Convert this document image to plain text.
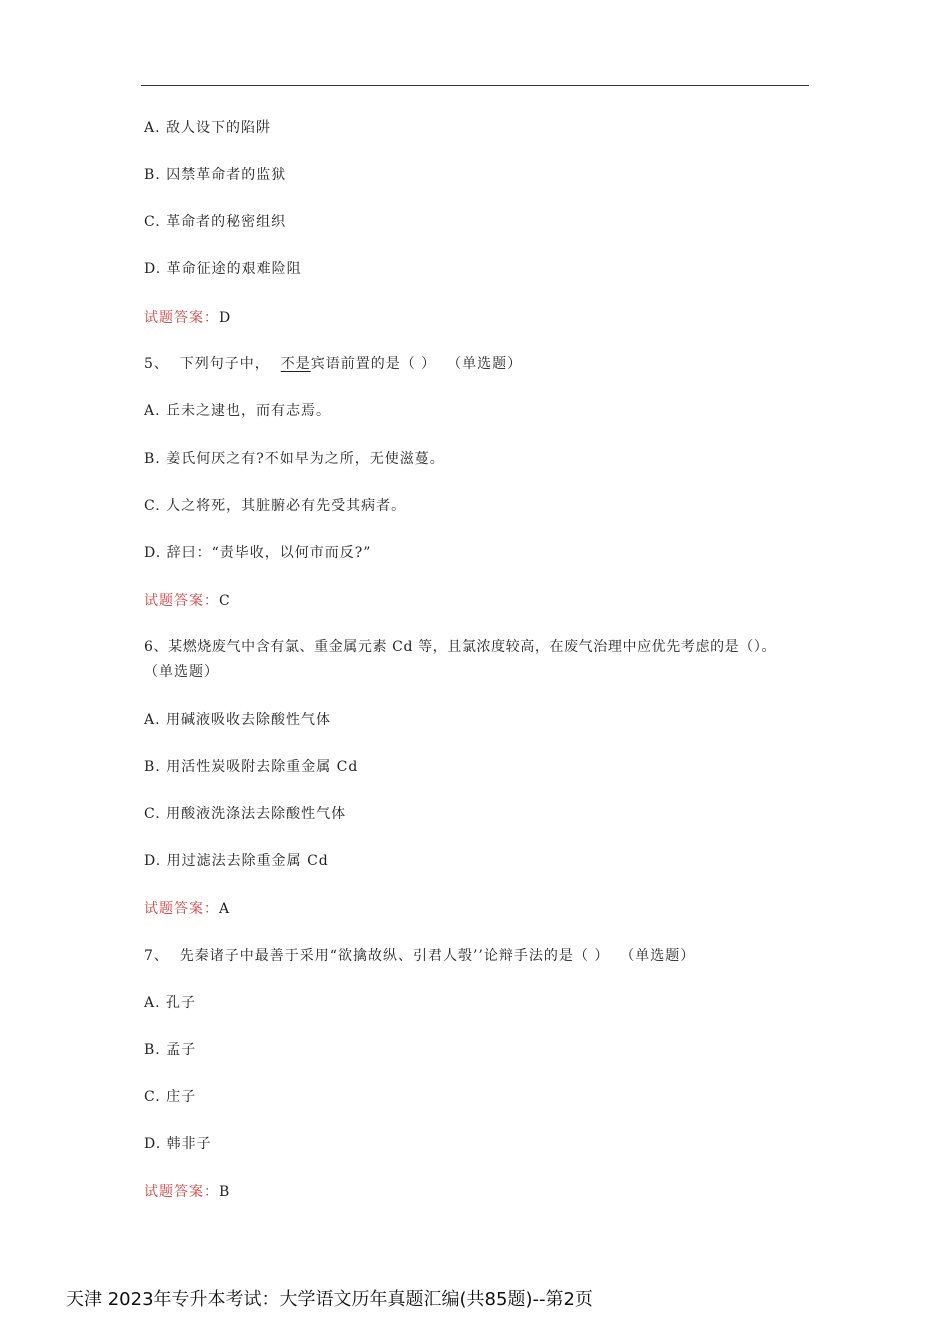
A. 敌人设下的陷阱
B. 囚禁革命者的监狱
C. 革命者的秘密组织
D. 革命征途的艰难险阻
试题答案：D
5、  下列句子中，  不是宾语前置的是（ ）  （单选题）
A. 丘未之逮也，而有志焉。
B. 姜氏何厌之有?不如早为之所，无使滋蔓。
C. 人之将死，其脏腑必有先受其病者。
D. 辞曰：“责毕收，以何市而反?”
试题答案：C
6、某燃烧废气中含有氯、重金属元素 Cd 等，且氯浓度较高，在废气治理中应优先考虑的是（）。
（单选题）
A. 用碱液吸收去除酸性气体
B. 用活性炭吸附去除重金属 Cd
C. 用酸液洗涤法去除酸性气体
D. 用过滤法去除重金属 Cd
试题答案：A
7、  先秦诸子中最善于采用“欲擒故纵、引君人彀’’论辩手法的是（ ）  （单选题）
A. 孔子
B. 孟子
C. 庄子
D. 韩非子
试题答案：B
天津 2023年专升本考试：大学语文历年真题汇编(共85题)--第2页
